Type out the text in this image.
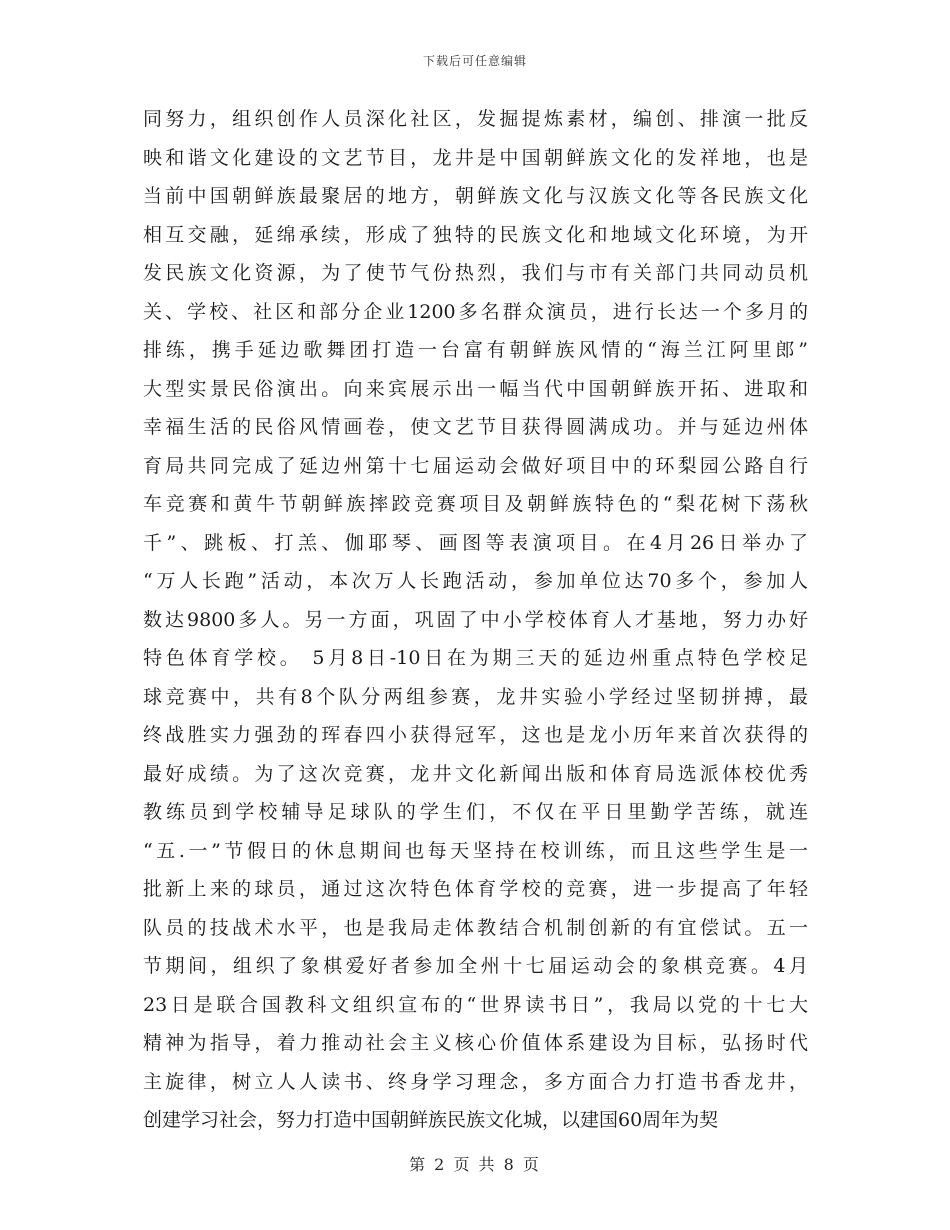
下载后可任意编辑
同努力，组织创作人员深化社区，发掘提炼素材，编创、排演一批反
映和谐文化建设的文艺节目，龙井是中国朝鲜族文化的发祥地，也是
当前中国朝鲜族最聚居的地方，朝鲜族文化与汉族文化等各民族文化
相互交融，延绵承续，形成了独特的民族文化和地域文化环境，为开
发民族文化资源，为了使节气份热烈，我们与市有关部门共同动员机
关、学校、社区和部分企业1200多名群众演员，进行长达一个多月的
排练，携手延边歌舞团打造一台富有朝鲜族风情的“海兰江阿里郎”
大型实景民俗演出。向来宾展示出一幅当代中国朝鲜族开拓、进取和
幸福生活的民俗风情画卷，使文艺节目获得圆满成功。并与延边州体
育局共同完成了延边州第十七届运动会做好项目中的环梨园公路自行
车竞赛和黄牛节朝鲜族摔跤竞赛项目及朝鲜族特色的“梨花树下荡秋
千”、跳板、打羔、伽耶琴、画图等表演项目。在4月26日举办了
“万人长跑”活动，本次万人长跑活动，参加单位达70多个，参加人
数达9800多人。另一方面，巩固了中小学校体育人才基地，努力办好
特色体育学校。 5月8日-10日在为期三天的延边州重点特色学校足
球竞赛中，共有8个队分两组参赛，龙井实验小学经过坚韧拼搏，最
终战胜实力强劲的珲春四小获得冠军，这也是龙小历年来首次获得的
最好成绩。为了这次竞赛，龙井文化新闻出版和体育局选派体校优秀
教练员到学校辅导足球队的学生们，不仅在平日里勤学苦练，就连
“五.一”节假日的休息期间也每天坚持在校训练，而且这些学生是一
批新上来的球员，通过这次特色体育学校的竞赛，进一步提高了年轻
队员的技战术水平，也是我局走体教结合机制创新的有宜偿试。五一
节期间，组织了象棋爱好者参加全州十七届运动会的象棋竞赛。4月
23日是联合国教科文组织宣布的“世界读书日”，我局以党的十七大
精神为指导，着力推动社会主义核心价值体系建设为目标，弘扬时代
主旋律，树立人人读书、终身学习理念，多方面合力打造书香龙井，
创建学习社会，努力打造中国朝鲜族民族文化城，以建国60周年为契
第 2 页 共 8 页
